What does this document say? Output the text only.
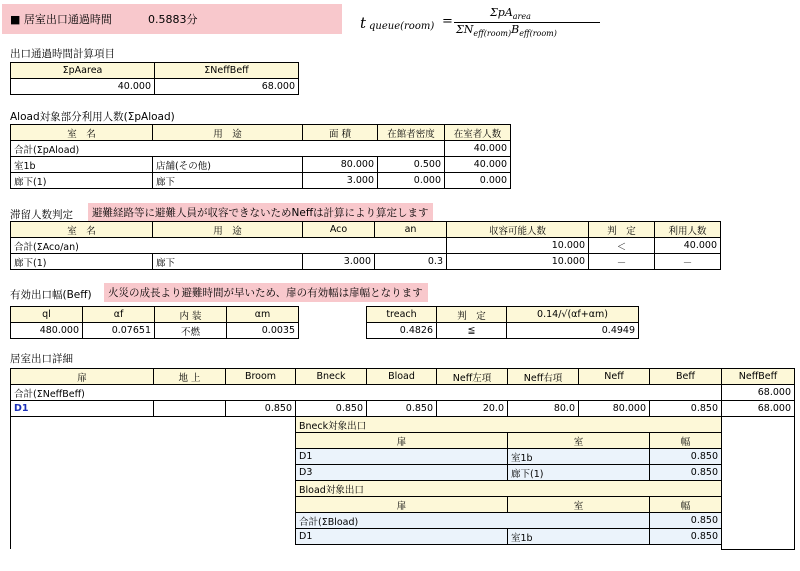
■ 居室出口通過時間	0.5883分	t queue(room) =
ΣpA$_{area}$
$\Sigma N_{eff(room)}B_{eff(room)}$
出口通過時間計算項目
ΣpAarea	ΣNeffBeff
40.000	68.000
Aload対象部分利用人数(ΣpAload)
室　名	用　途	面 積	在館者密度	在室者人数
合計(ΣpAload)				40.000
室1b	店舗(その他)	80.000	0.500	40.000
廊下(1)	廊下	3.000	0.000	0.000
滞留人数判定	避難経路等に避難人員が収容できないためNeffは計算により算定します
室　名	用　途	Aco	an	収容可能人数	判　定	利用人数
合計(ΣAco/an)				10.000	＜	40.000
廊下(1)	廊下	3.000	0.3	10.000	－	－
有効出口幅(Beff)	火災の成長より避難時間が早いため、扉の有効幅は扉幅となります
ql	αf	内 装	αm
480.000	0.07651	不燃	0.0035
treach	判　定	0.14/√(αf+αm)
0.4826	≦	0.4949
居室出口詳細
扉	地 上	Broom	Bneck	Bload	Neff左項	Neff右項	Neff	Beff	NeffBeff
合計(ΣNeffBeff)									68.000
D1		0.850	0.850	0.850	20.0	80.0	80.000	0.850	68.000
			Bneck対象出口						
			扉			室		幅	
			D1			室1b		0.850	
			D3			廊下(1)		0.850	
			Bload対象出口						
			扉			室		幅	
			合計(ΣBload)					0.850	
			D1			室1b		0.850	
